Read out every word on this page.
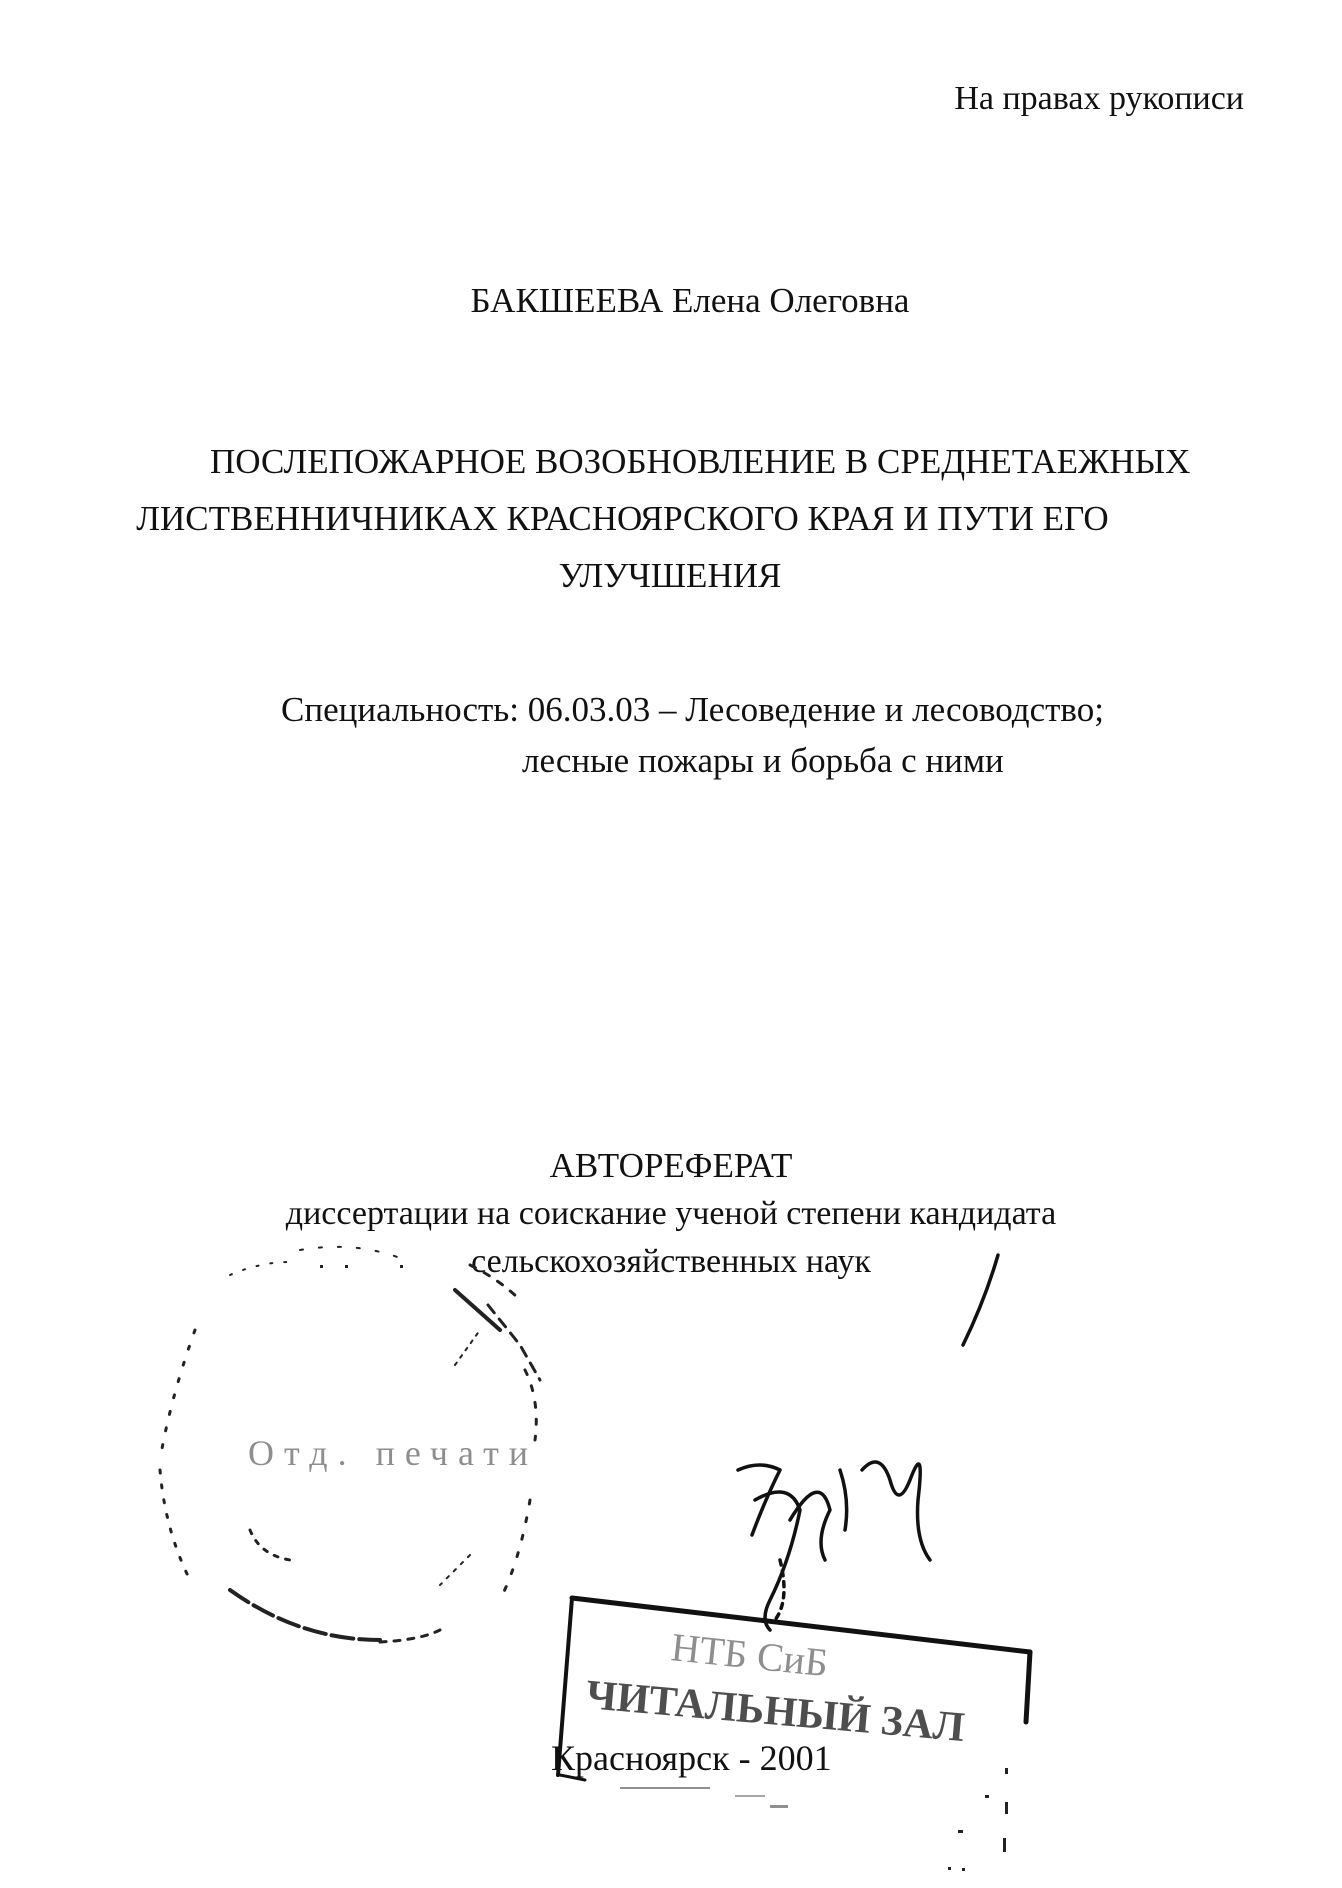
На правах рукописи
БАКШЕЕВА Елена Олеговна
ПОСЛЕПОЖАРНОЕ ВОЗОБНОВЛЕНИЕ В СРЕДНЕТАЕЖНЫХ
ЛИСТВЕННИЧНИКАХ КРАСНОЯРСКОГО КРАЯ И ПУТИ ЕГО
УЛУЧШЕНИЯ
Специальность: 06.03.03 – Лесоведение и лесоводство;
лесные пожары и борьба с ними
АВТОРЕФЕРАТ
диссертации на соискание ученой степени кандидата
сельскохозяйственных наук
Отд. печати
НТБ СиБ
ЧИТАЛЬНЫЙ ЗАЛ
Красноярск - 2001
